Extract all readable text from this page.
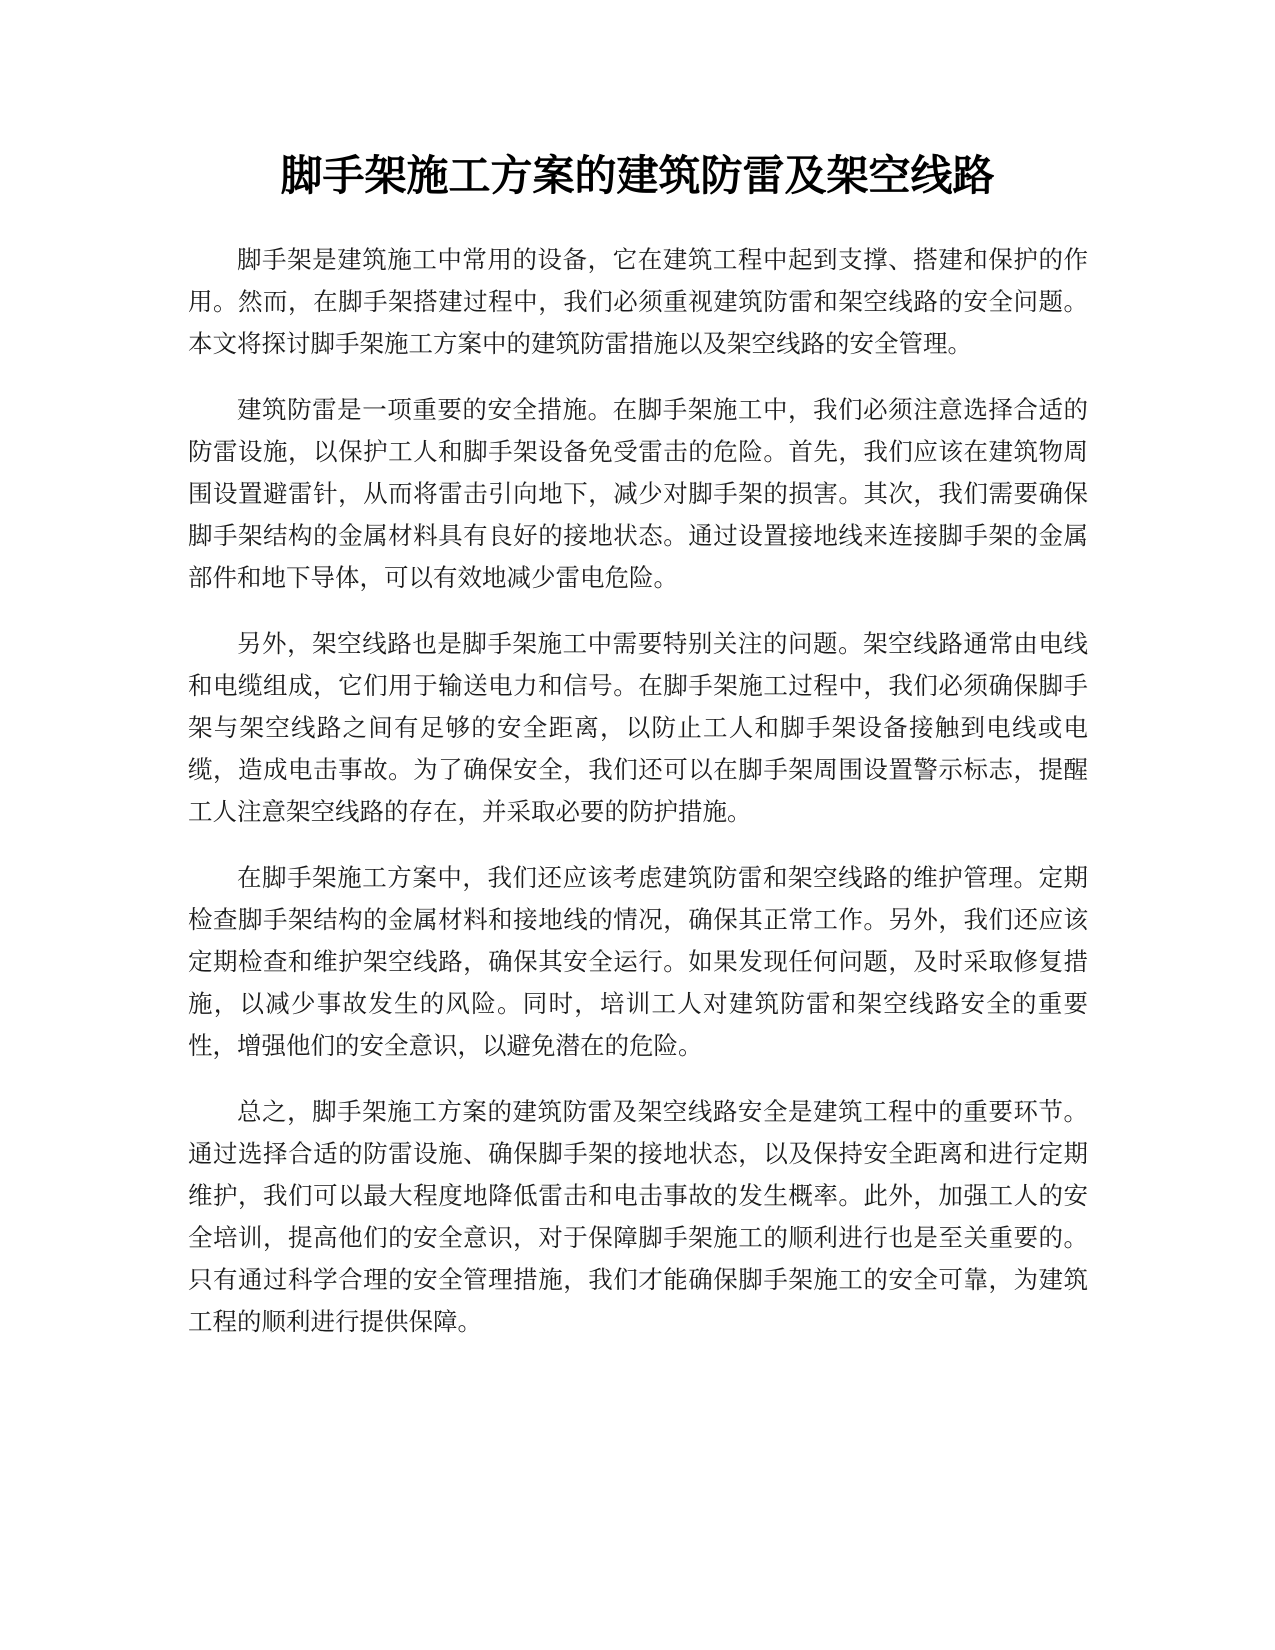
脚手架施工方案的建筑防雷及架空线路

脚手架是建筑施工中常用的设备，它在建筑工程中起到支撑、搭建和保护的作用。然而，在脚手架搭建过程中，我们必须重视建筑防雷和架空线路的安全问题。本文将探讨脚手架施工方案中的建筑防雷措施以及架空线路的安全管理。

建筑防雷是一项重要的安全措施。在脚手架施工中，我们必须注意选择合适的防雷设施，以保护工人和脚手架设备免受雷击的危险。首先，我们应该在建筑物周围设置避雷针，从而将雷击引向地下，减少对脚手架的损害。其次，我们需要确保脚手架结构的金属材料具有良好的接地状态。通过设置接地线来连接脚手架的金属部件和地下导体，可以有效地减少雷电危险。

另外，架空线路也是脚手架施工中需要特别关注的问题。架空线路通常由电线和电缆组成，它们用于输送电力和信号。在脚手架施工过程中，我们必须确保脚手架与架空线路之间有足够的安全距离，以防止工人和脚手架设备接触到电线或电缆，造成电击事故。为了确保安全，我们还可以在脚手架周围设置警示标志，提醒工人注意架空线路的存在，并采取必要的防护措施。

在脚手架施工方案中，我们还应该考虑建筑防雷和架空线路的维护管理。定期检查脚手架结构的金属材料和接地线的情况，确保其正常工作。另外，我们还应该定期检查和维护架空线路，确保其安全运行。如果发现任何问题，及时采取修复措施，以减少事故发生的风险。同时，培训工人对建筑防雷和架空线路安全的重要性，增强他们的安全意识，以避免潜在的危险。

总之，脚手架施工方案的建筑防雷及架空线路安全是建筑工程中的重要环节。通过选择合适的防雷设施、确保脚手架的接地状态，以及保持安全距离和进行定期维护，我们可以最大程度地降低雷击和电击事故的发生概率。此外，加强工人的安全培训，提高他们的安全意识，对于保障脚手架施工的顺利进行也是至关重要的。只有通过科学合理的安全管理措施，我们才能确保脚手架施工的安全可靠，为建筑工程的顺利进行提供保障。
